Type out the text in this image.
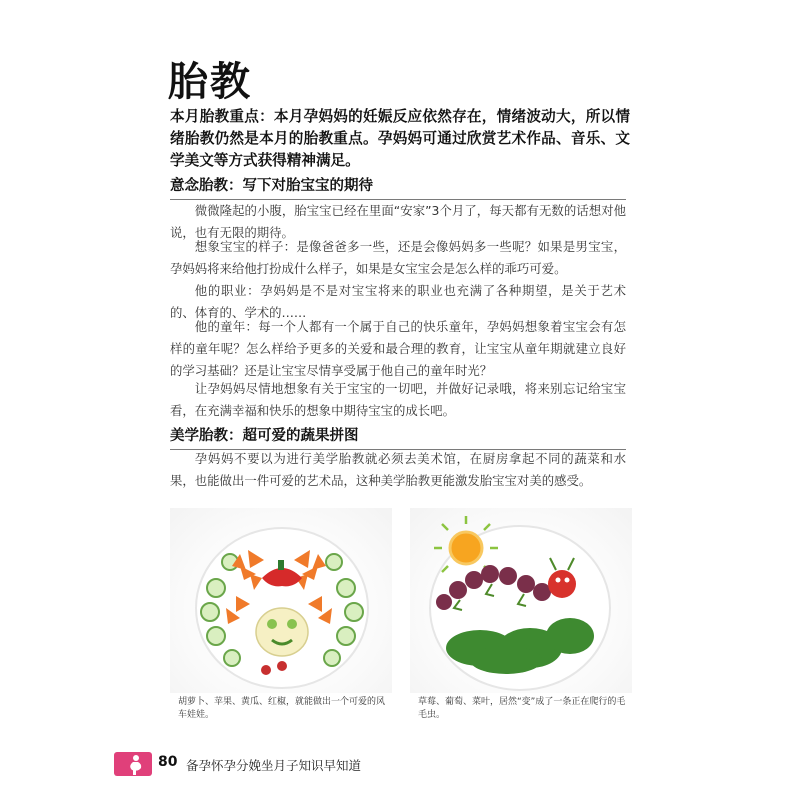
胎教
本月胎教重点：本月孕妈妈的妊娠反应依然存在，情绪波动大，所以情绪胎教仍然是本月的胎教重点。孕妈妈可通过欣赏艺术作品、音乐、文学美文等方式获得精神满足。
意念胎教：写下对胎宝宝的期待

微微隆起的小腹，胎宝宝已经在里面“安家”3个月了，每天都有无数的话想对他说，也有无限的期待。

想象宝宝的样子：是像爸爸多一些，还是会像妈妈多一些呢？如果是男宝宝，孕妈妈将来给他打扮成什么样子，如果是女宝宝会是怎么样的乖巧可爱。

他的职业：孕妈妈是不是对宝宝将来的职业也充满了各种期望，是关于艺术的、体育的、学术的……

他的童年：每一个人都有一个属于自己的快乐童年，孕妈妈想象着宝宝会有怎样的童年呢？怎么样给予更多的关爱和最合理的教育，让宝宝从童年期就建立良好的学习基础？还是让宝宝尽情享受属于他自己的童年时光？

让孕妈妈尽情地想象有关于宝宝的一切吧，并做好记录哦，将来别忘记给宝宝看，在充满幸福和快乐的想象中期待宝宝的成长吧。

美学胎教：超可爱的蔬果拼图

孕妈妈不要以为进行美学胎教就必须去美术馆，在厨房拿起不同的蔬菜和水果，也能做出一件可爱的艺术品，这种美学胎教更能激发胎宝宝对美的感受。

胡萝卜、苹果、黄瓜、红椒，就能做出一个可爱的风车娃娃。
草莓、葡萄、菜叶，居然“变”成了一条正在爬行的毛毛虫。
80 备孕怀孕分娩坐月子知识早知道
